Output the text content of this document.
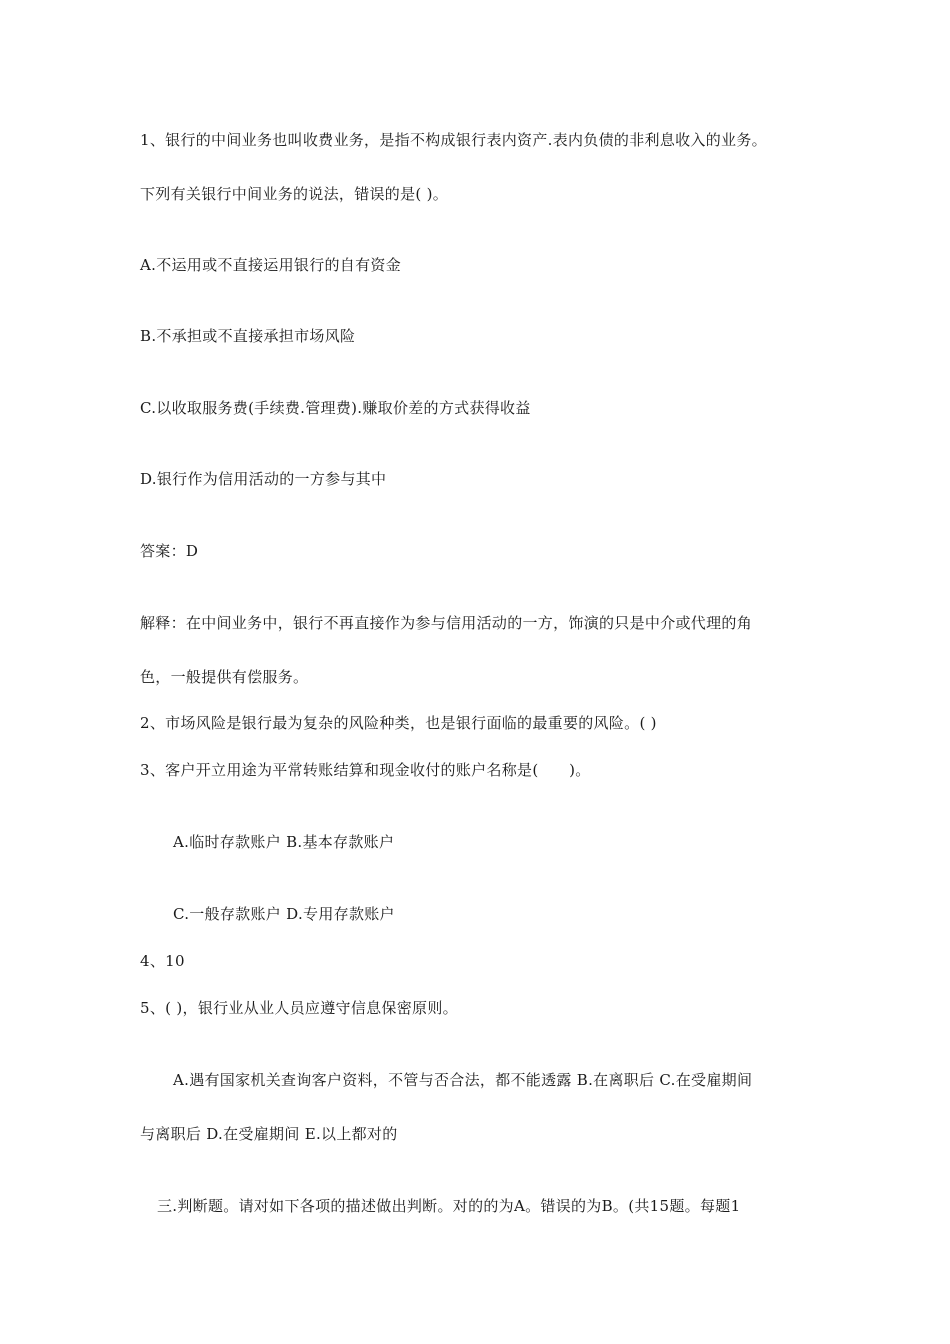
1、银行的中间业务也叫收费业务，是指不构成银行表内资产.表内负债的非利息收入的业务。

下列有关银行中间业务的说法，错误的是( )。

A.不运用或不直接运用银行的自有资金

B.不承担或不直接承担市场风险

C.以收取服务费(手续费.管理费).赚取价差的方式获得收益

D.银行作为信用活动的一方参与其中

答案：D

解释：在中间业务中，银行不再直接作为参与信用活动的一方，饰演的只是中介或代理的角

色，一般提供有偿服务。

2、市场风险是银行最为复杂的风险种类，也是银行面临的最重要的风险。( )

3、客户开立用途为平常转账结算和现金收付的账户名称是(　　)。

A.临时存款账户 B.基本存款账户

C.一般存款账户 D.专用存款账户

4、10

5、( )，银行业从业人员应遵守信息保密原则。

A.遇有国家机关查询客户资料，不管与否合法，都不能透露 B.在离职后 C.在受雇期间

与离职后 D.在受雇期间 E.以上都对的

三.判断题。请对如下各项的描述做出判断。对的的为A。错误的为B。(共15题。每题1
